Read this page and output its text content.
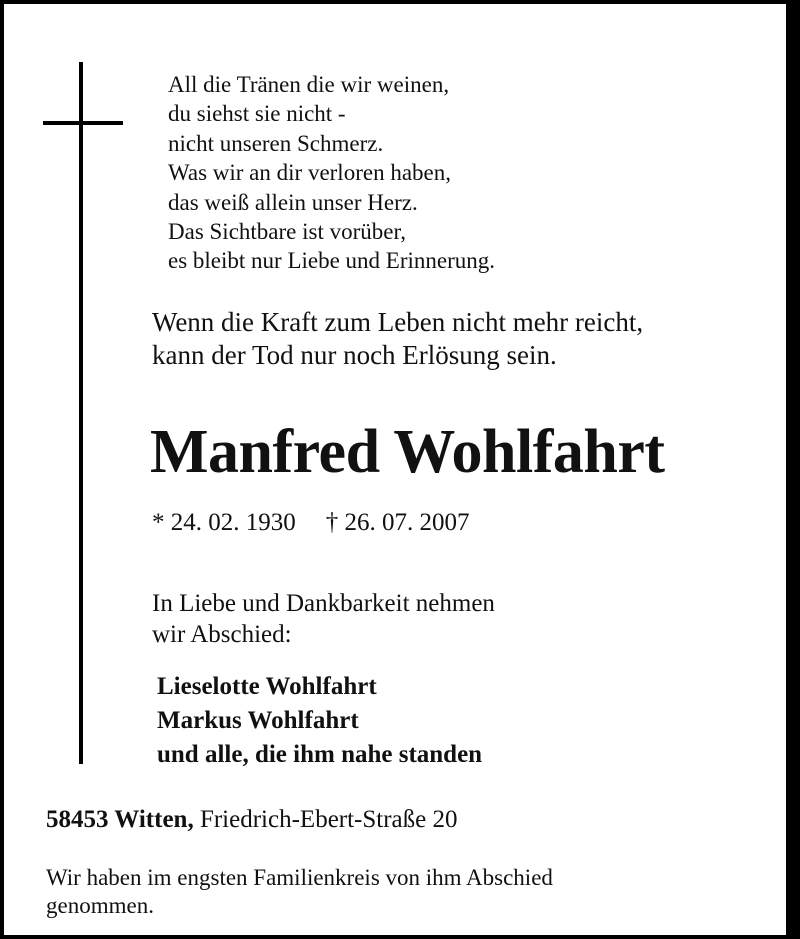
All die Tränen die wir weinen,
du siehst sie nicht -
nicht unseren Schmerz.
Was wir an dir verloren haben,
das weiß allein unser Herz.
Das Sichtbare ist vorüber,
es bleibt nur Liebe und Erinnerung.
Wenn die Kraft zum Leben nicht mehr reicht,
kann der Tod nur noch Erlösung sein.
Manfred Wohlfahrt
* 24. 02. 1930 † 26. 07. 2007
In Liebe und Dankbarkeit nehmen
wir Abschied:
Lieselotte Wohlfahrt
Markus Wohlfahrt
und alle, die ihm nahe standen
58453 Witten, Friedrich-Ebert-Straße 20
Wir haben im engsten Familienkreis von ihm Abschied
genommen.
